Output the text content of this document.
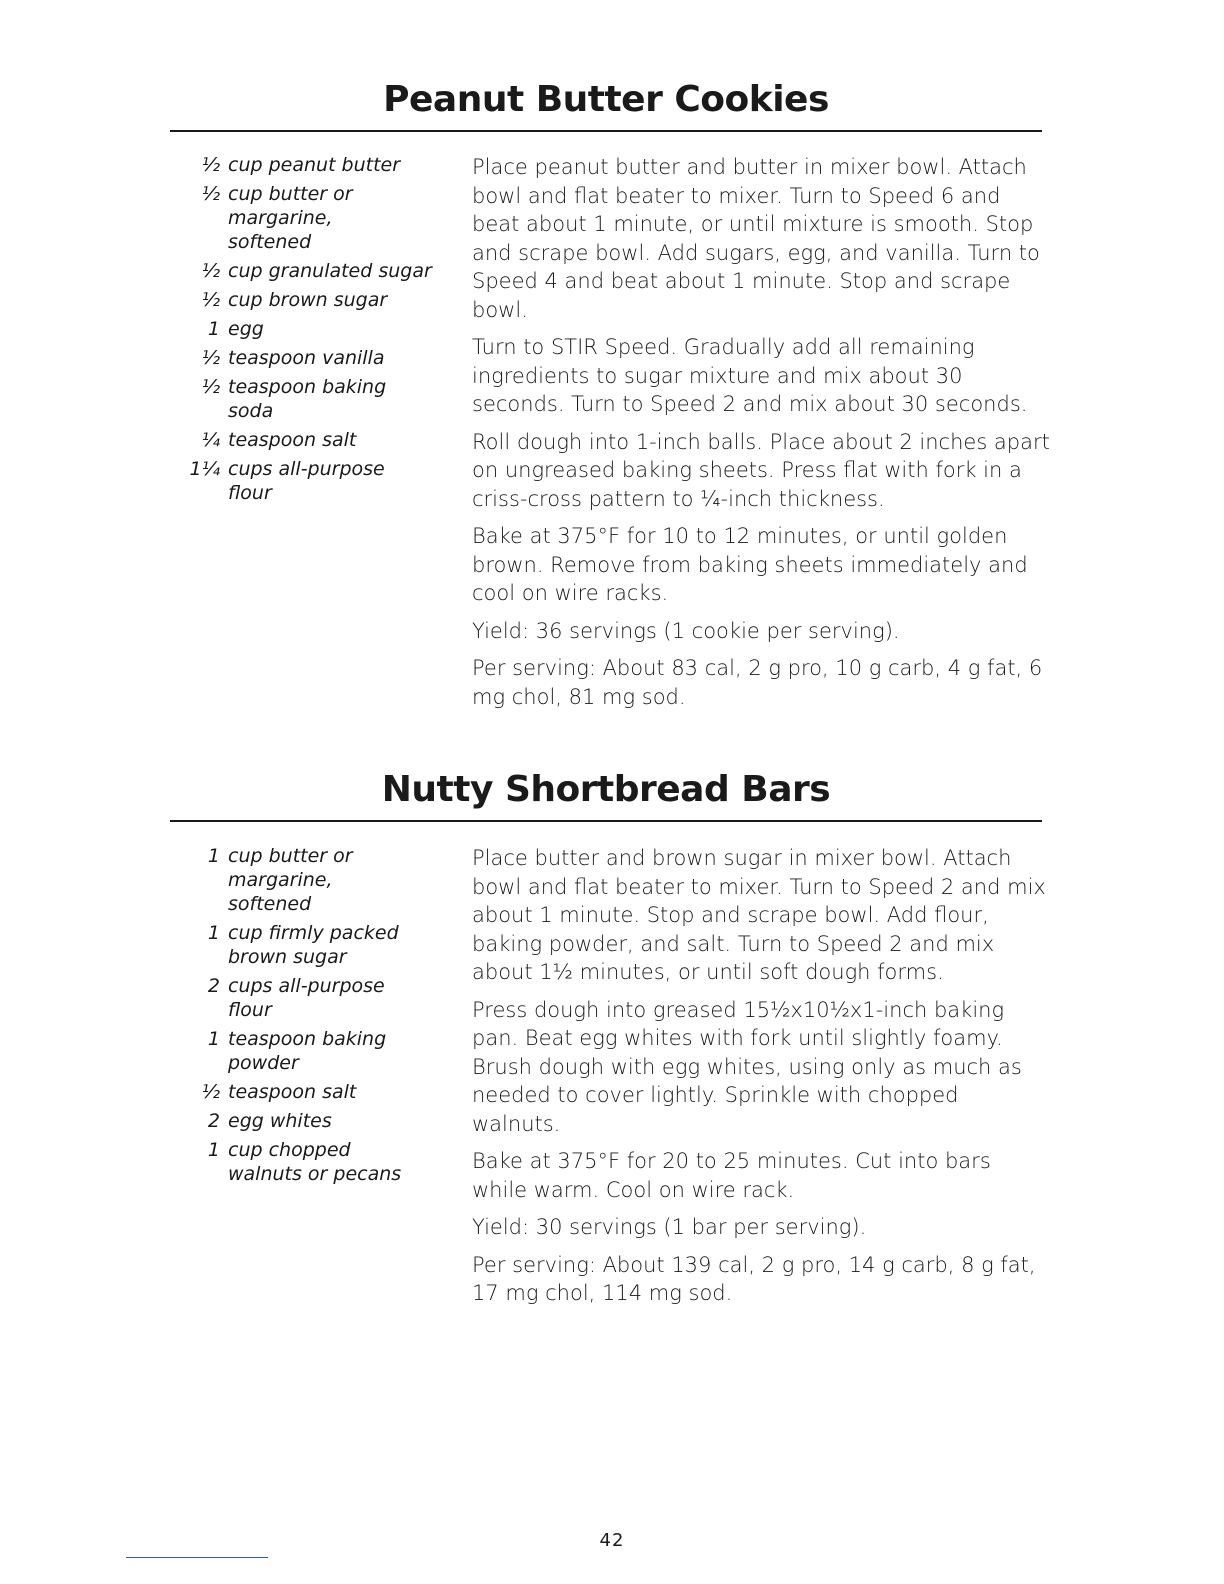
Peanut Butter Cookies
½ cup peanut butter
½ cup butter or margarine, softened
½ cup granulated sugar
½ cup brown sugar
1 egg
½ teaspoon vanilla
½ teaspoon baking soda
¼ teaspoon salt
1¼ cups all-purpose flour

Place peanut butter and butter in mixer bowl. Attach bowl and flat beater to mixer. Turn to Speed 6 and beat about 1 minute, or until mixture is smooth. Stop and scrape bowl. Add sugars, egg, and vanilla. Turn to Speed 4 and beat about 1 minute. Stop and scrape bowl.

Turn to STIR Speed. Gradually add all remaining ingredients to sugar mixture and mix about 30 seconds. Turn to Speed 2 and mix about 30 seconds.

Roll dough into 1-inch balls. Place about 2 inches apart on ungreased baking sheets. Press flat with fork in a criss-cross pattern to ¼-inch thickness.

Bake at 375°F for 10 to 12 minutes, or until golden brown. Remove from baking sheets immediately and cool on wire racks.

Yield: 36 servings (1 cookie per serving).

Per serving: About 83 cal, 2 g pro, 10 g carb, 4 g fat, 6 mg chol, 81 mg sod.

Nutty Shortbread Bars
1 cup butter or margarine, softened
1 cup firmly packed brown sugar
2 cups all-purpose flour
1 teaspoon baking powder
½ teaspoon salt
2 egg whites
1 cup chopped walnuts or pecans

Place butter and brown sugar in mixer bowl. Attach bowl and flat beater to mixer. Turn to Speed 2 and mix about 1 minute. Stop and scrape bowl. Add flour, baking powder, and salt. Turn to Speed 2 and mix about 1½ minutes, or until soft dough forms.

Press dough into greased 15½x10½x1-inch baking pan. Beat egg whites with fork until slightly foamy. Brush dough with egg whites, using only as much as needed to cover lightly. Sprinkle with chopped walnuts.

Bake at 375°F for 20 to 25 minutes. Cut into bars while warm. Cool on wire rack.

Yield: 30 servings (1 bar per serving).

Per serving: About 139 cal, 2 g pro, 14 g carb, 8 g fat, 17 mg chol, 114 mg sod.

42
